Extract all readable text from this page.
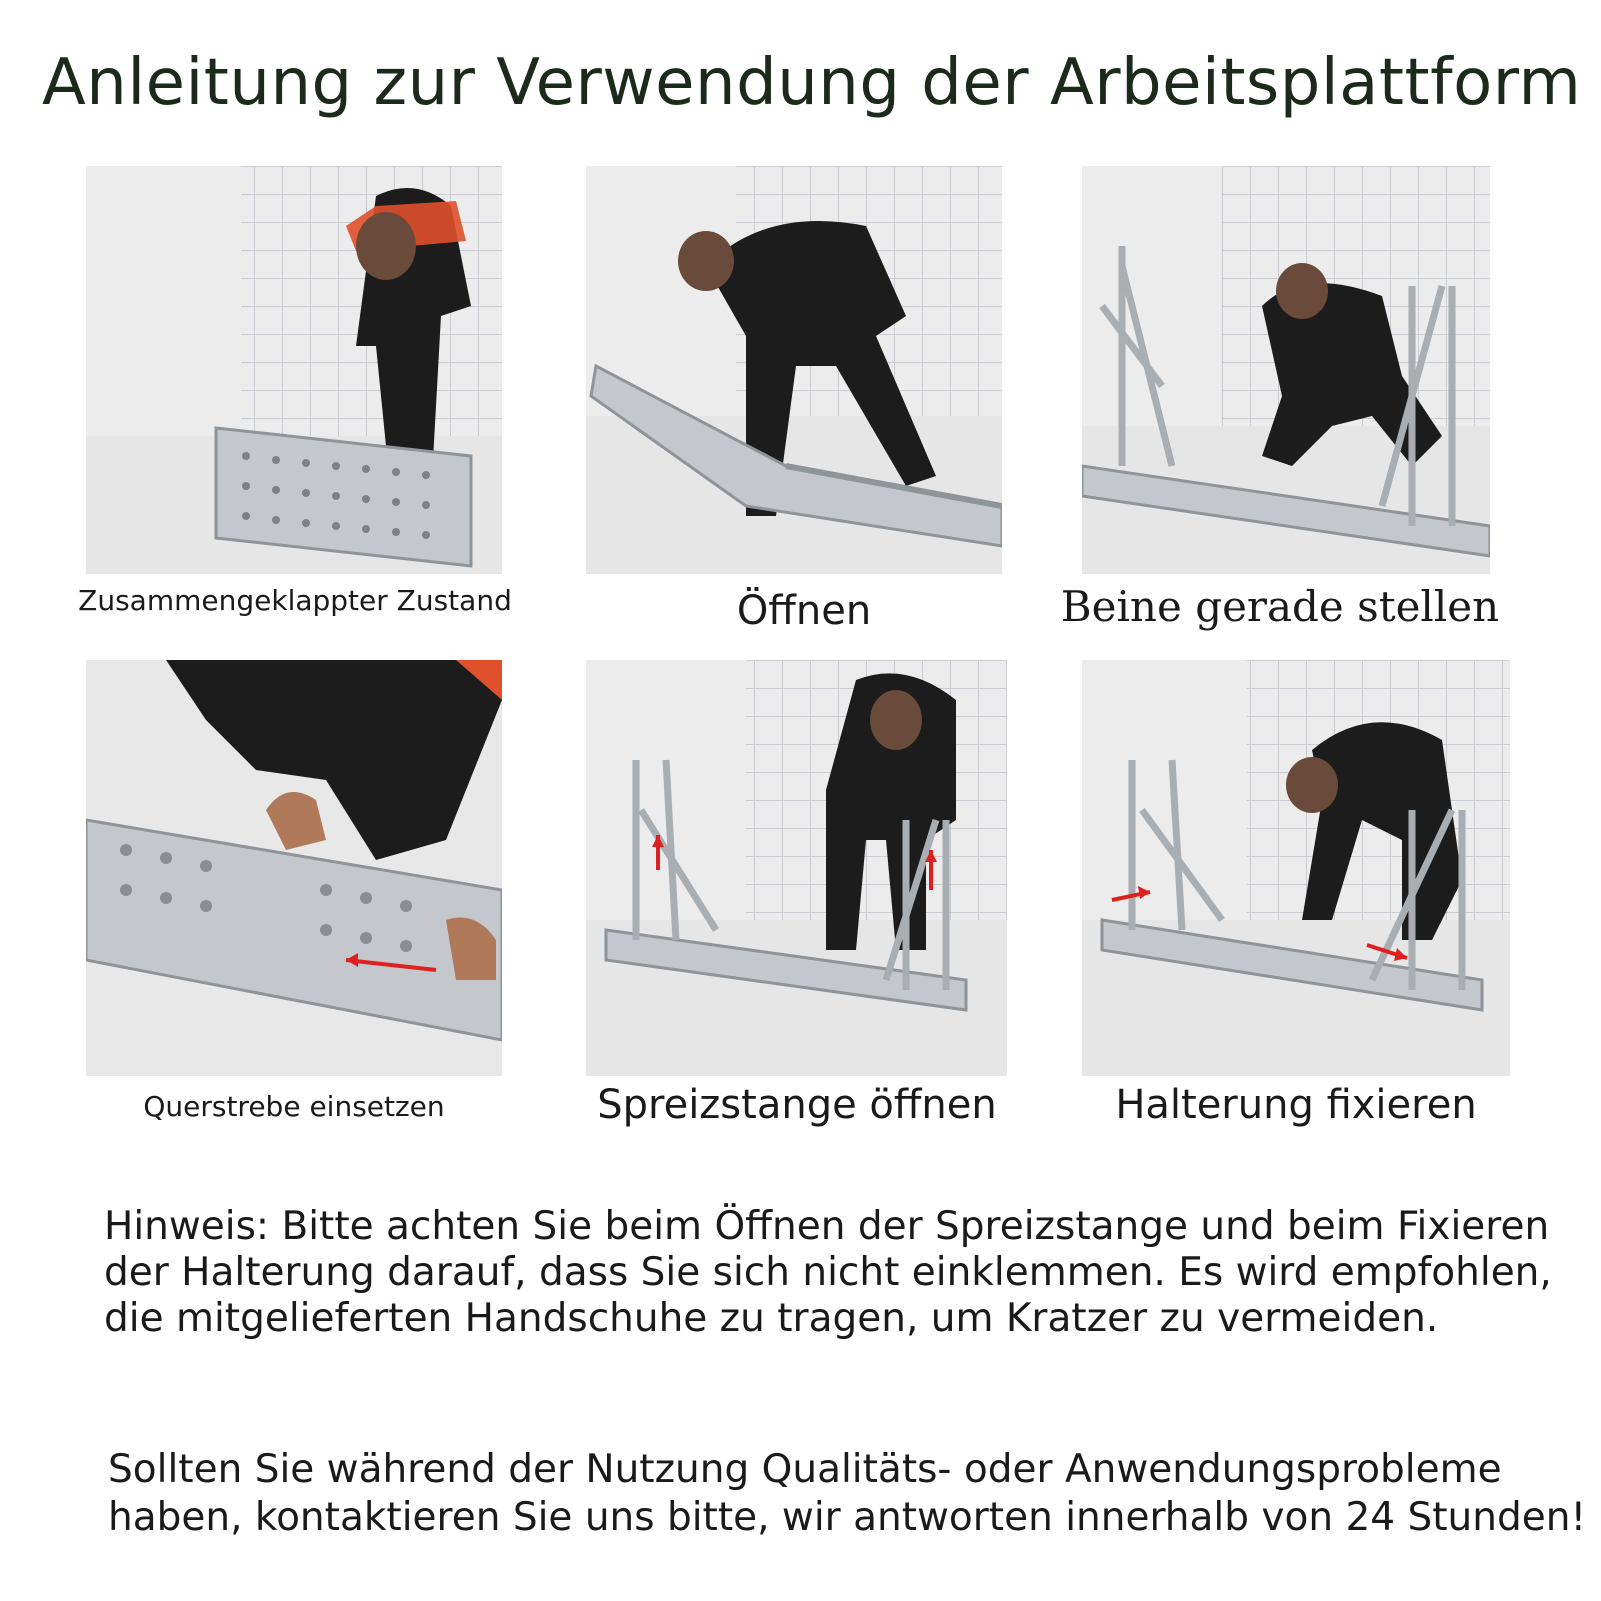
Anleitung zur Verwendung der Arbeitsplattform
Zusammengeklappter Zustand	Öffnen	Beine gerade stellen
Querstrebe einsetzen	Spreizstange öffnen	Halterung fixieren
Hinweis: Bitte achten Sie beim Öffnen der Spreizstange und beim Fixieren der Halterung darauf, dass Sie sich nicht einklemmen. Es wird empfohlen, die mitgelieferten Handschuhe zu tragen, um Kratzer zu vermeiden.
Sollten Sie während der Nutzung Qualitäts- oder Anwendungsprobleme haben, kontaktieren Sie uns bitte, wir antworten innerhalb von 24 Stunden!
